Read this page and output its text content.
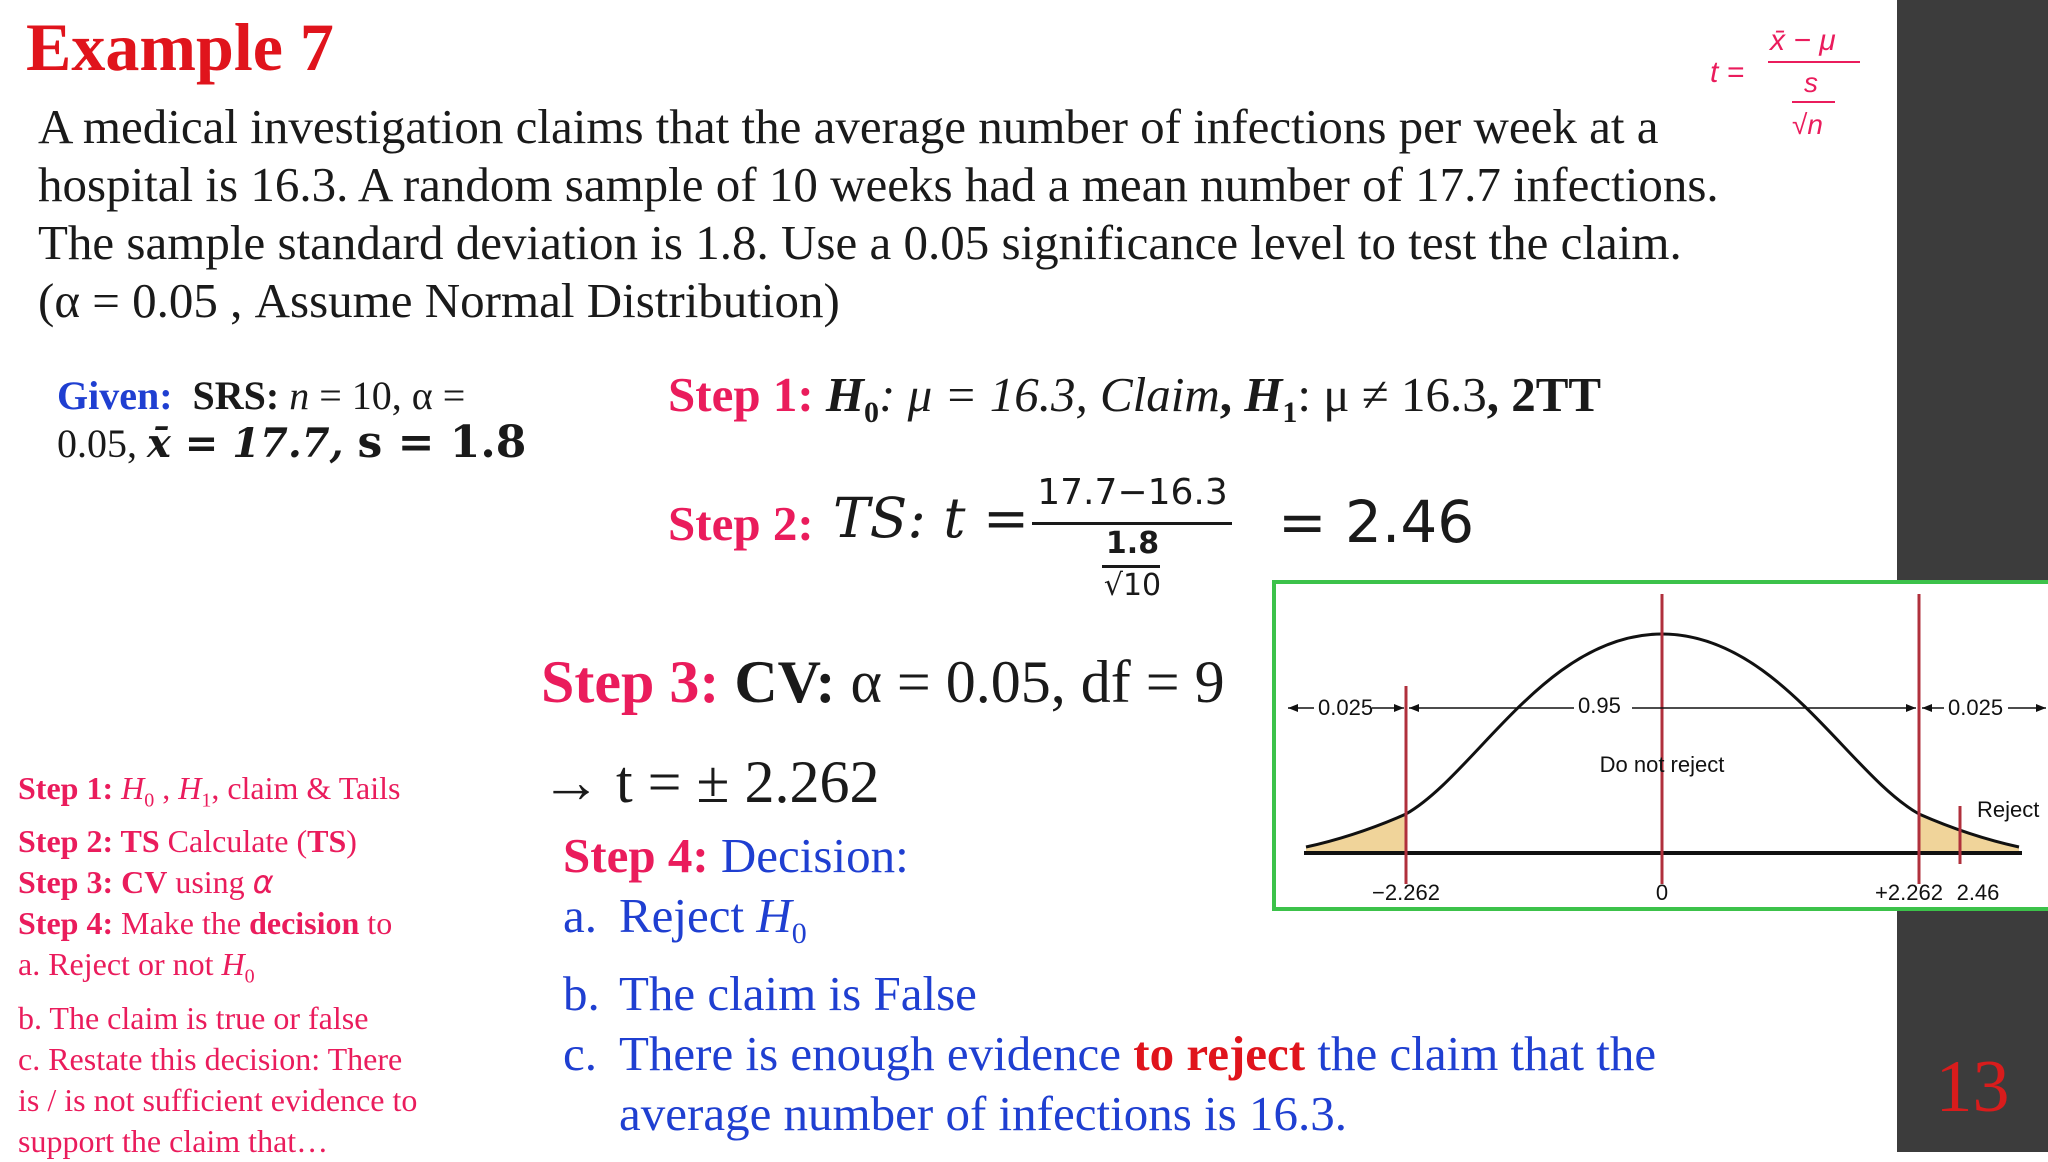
13
Example 7	t =
x̄ − μ
s
√n
A medical investigation claims that the average number of infections per week at a
hospital is 16.3. A random sample of 10 weeks had a mean number of 17.7 infections.
The sample standard deviation is 1.8. Use a 0.05 significance level to test the claim.
(α = 0.05 , Assume Normal Distribution)
Given: SRS: n = 10, α =
0.05, x̄ = 17.7, s = 1.8
Step 1: $H_0$: μ = 16.3, Claim, $H_1$: μ ≠ 16.3, 2TT
Step 2: TS: t = 17.7−16.3
1.8
√10
= 2.46
Step 3: CV: α = 0.05, df = 9
→ t = ± 2.262
Step 4: Decision:
a. Reject $H_0$
b. The claim is False
c. There is enough evidence to reject the claim that the
average number of infections is 16.3.
Step 1: $H_0$ , $H_1$, claim & Tails
Step 2: TS Calculate (TS)
Step 3: CV using α
Step 4: Make the decision to
a. Reject or not $H_0$
b. The claim is true or false
c. Restate this decision: There
is / is not sufficient evidence to
support the claim that…
0.025	0.95	0.025
Do not reject
Reject
−2.262	0	+2.262 2.46
